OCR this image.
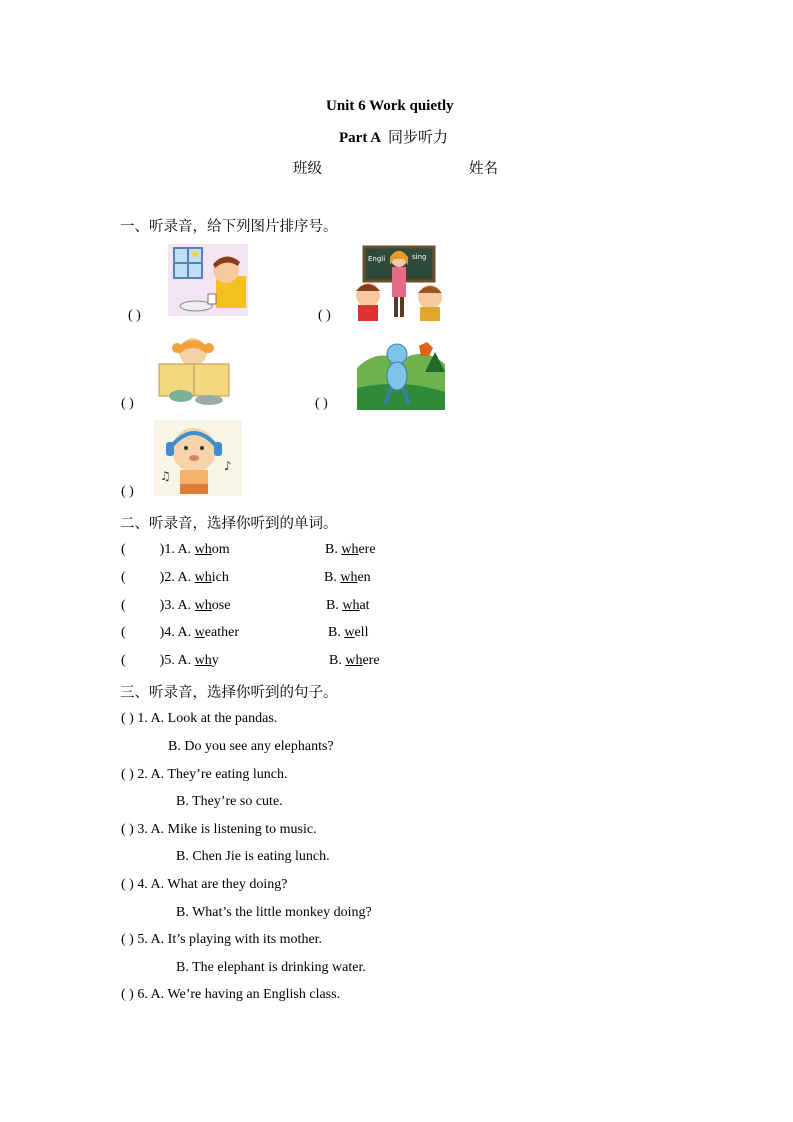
Unit 6 Work quietly
Part A 同步听力
班级	姓名
一、听录音，给下列图片排序号。
( )
Engli	sing
( )
( )	( )
♪
♫
( )
二、听录音，选择你听到的单词。
( )1. A. whom	B. where
( )2. A. which	B. when
( )3. A. whose	B. what
( )4. A. weather	B. well
( )5. A. why	B. where
三、听录音，选择你听到的句子。
( ) 1. A. Look at the pandas.
B. Do you see any elephants?
( ) 2. A. They’re eating lunch.
B. They’re so cute.
( ) 3. A. Mike is listening to music.
B. Chen Jie is eating lunch.
( ) 4. A. What are they doing?
B. What’s the little monkey doing?
( ) 5. A. It’s playing with its mother.
B. The elephant is drinking water.
( ) 6. A. We’re having an English class.
